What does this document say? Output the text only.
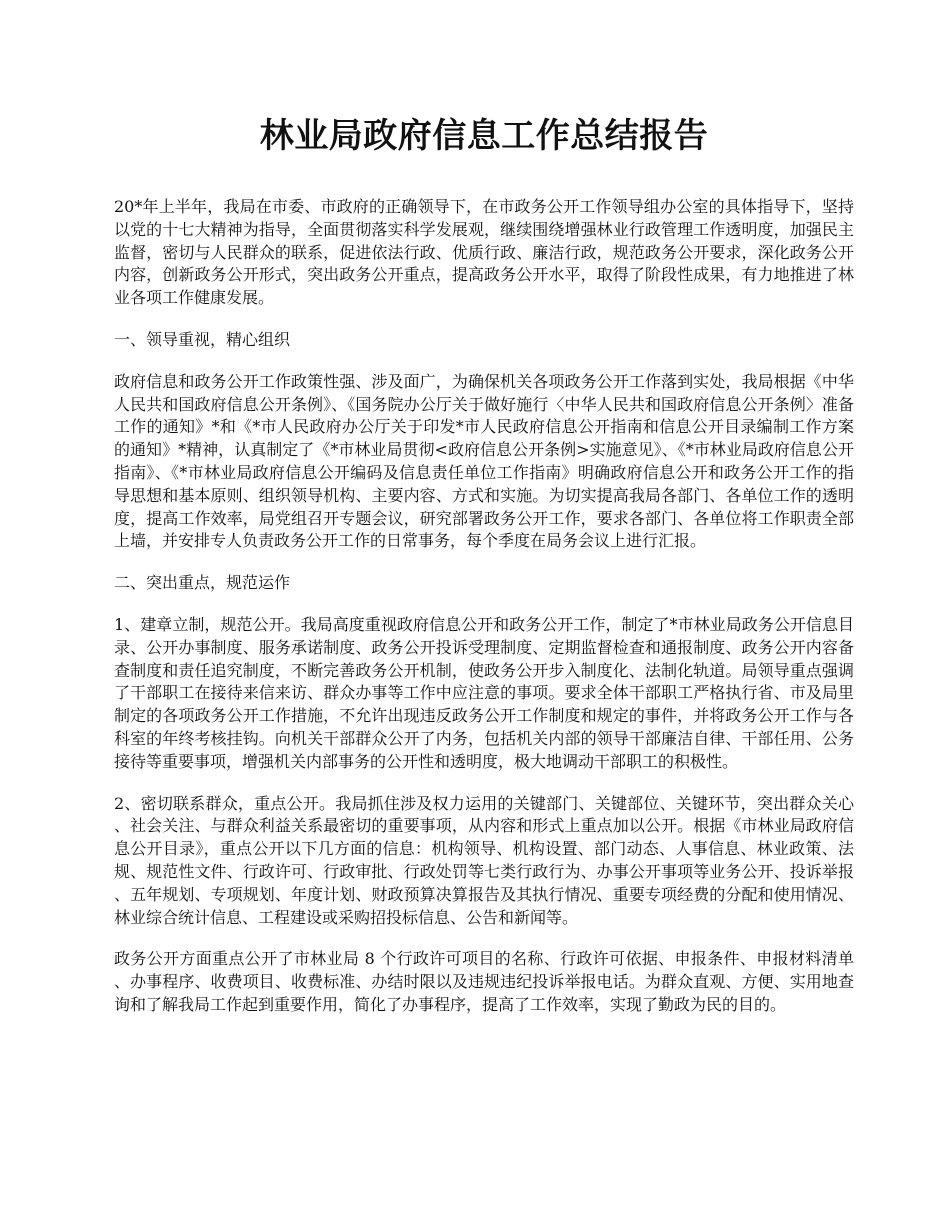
林业局政府信息工作总结报告

20*年上半年，我局在市委、市政府的正确领导下，在市政务公开工作领导组办公室的具体指导下，坚持以党的十七大精神为指导，全面贯彻落实科学发展观，继续围绕增强林业行政管理工作透明度，加强民主监督，密切与人民群众的联系，促进依法行政、优质行政、廉洁行政，规范政务公开要求，深化政务公开内容，创新政务公开形式，突出政务公开重点，提高政务公开水平，取得了阶段性成果，有力地推进了林业各项工作健康发展。

一、领导重视，精心组织

政府信息和政务公开工作政策性强、涉及面广，为确保机关各项政务公开工作落到实处，我局根据《中华人民共和国政府信息公开条例》、《国务院办公厅关于做好施行〈中华人民共和国政府信息公开条例〉准备工作的通知》*和《*市人民政府办公厅关于印发*市人民政府信息公开指南和信息公开目录编制工作方案的通知》*精神，认真制定了《*市林业局贯彻<政府信息公开条例>实施意见》、《*市林业局政府信息公开指南》、《*市林业局政府信息公开编码及信息责任单位工作指南》明确政府信息公开和政务公开工作的指导思想和基本原则、组织领导机构、主要内容、方式和实施。为切实提高我局各部门、各单位工作的透明度，提高工作效率，局党组召开专题会议，研究部署政务公开工作，要求各部门、各单位将工作职责全部上墙，并安排专人负责政务公开工作的日常事务，每个季度在局务会议上进行汇报。

二、突出重点，规范运作

1、建章立制，规范公开。我局高度重视政府信息公开和政务公开工作，制定了*市林业局政务公开信息目录、公开办事制度、服务承诺制度、政务公开投诉受理制度、定期监督检查和通报制度、政务公开内容备查制度和责任追究制度，不断完善政务公开机制，使政务公开步入制度化、法制化轨道。局领导重点强调了干部职工在接待来信来访、群众办事等工作中应注意的事项。要求全体干部职工严格执行省、市及局里制定的各项政务公开工作措施，不允许出现违反政务公开工作制度和规定的事件，并将政务公开工作与各科室的年终考核挂钩。向机关干部群众公开了内务，包括机关内部的领导干部廉洁自律、干部任用、公务接待等重要事项，增强机关内部事务的公开性和透明度，极大地调动干部职工的积极性。

2、密切联系群众，重点公开。我局抓住涉及权力运用的关键部门、关键部位、关键环节，突出群众关心、社会关注、与群众利益关系最密切的重要事项，从内容和形式上重点加以公开。根据《市林业局政府信息公开目录》，重点公开以下几方面的信息：机构领导、机构设置、部门动态、人事信息、林业政策、法规、规范性文件、行政许可、行政审批、行政处罚等七类行政行为、办事公开事项等业务公开、投诉举报、五年规划、专项规划、年度计划、财政预算决算报告及其执行情况、重要专项经费的分配和使用情况、林业综合统计信息、工程建设或采购招投标信息、公告和新闻等。

政务公开方面重点公开了市林业局 8 个行政许可项目的名称、行政许可依据、申报条件、申报材料清单、办事程序、收费项目、收费标准、办结时限以及违规违纪投诉举报电话。为群众直观、方便、实用地查询和了解我局工作起到重要作用，简化了办事程序，提高了工作效率，实现了勤政为民的目的。
